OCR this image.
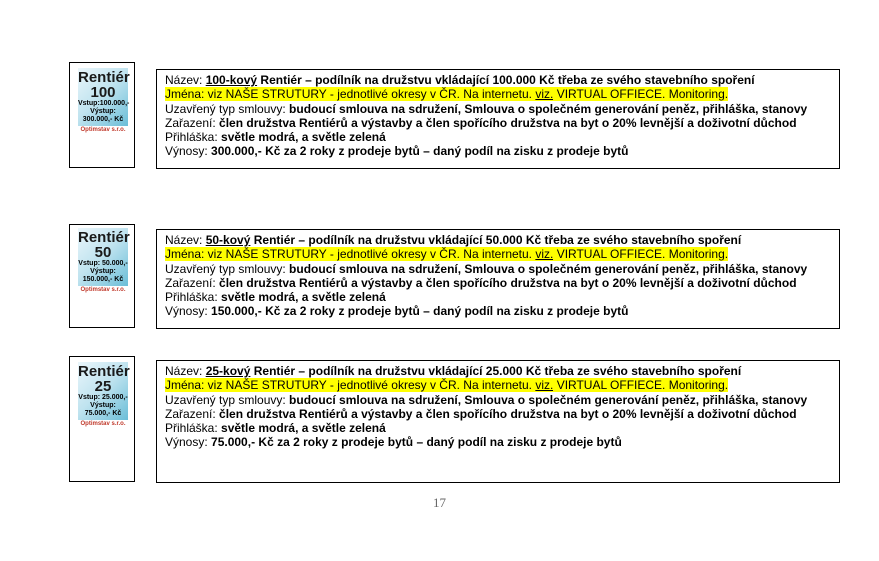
Rentiér
100
Vstup:100.000,-
Výstup:
300.000,- Kč
Optimstav s.r.o.
Název: 100-kový Rentiér – podílník na družstvu vkládající 100.000 Kč třeba ze svého stavebního spoření
Jména: viz NAŠE STRUTURY - jednotlivé okresy v ČR. Na internetu. viz. VIRTUAL OFFIECE. Monitoring.
Uzavřený typ smlouvy: budoucí smlouva na sdružení, Smlouva o společném generování peněz, přihláška, stanovy
Zařazení: člen družstva Rentiérů a výstavby a člen spořícího družstva na byt o 20% levnější a doživotní důchod
Přihláška: světle modrá, a světle zelená
Výnosy: 300.000,- Kč za 2 roky z prodeje bytů – daný podíl na zisku z prodeje bytů
Rentiér
50
Vstup: 50.000,-
Výstup:
150.000,- Kč
Optimstav s.r.o.
Název: 50-kový Rentiér – podílník na družstvu vkládající 50.000 Kč třeba ze svého stavebního spoření
Jména: viz NAŠE STRUTURY - jednotlivé okresy v ČR. Na internetu. viz. VIRTUAL OFFIECE. Monitoring.
Uzavřený typ smlouvy: budoucí smlouva na sdružení, Smlouva o společném generování peněz, přihláška, stanovy
Zařazení: člen družstva Rentiérů a výstavby a člen spořícího družstva na byt o 20% levnější a doživotní důchod
Přihláška: světle modrá, a světle zelená
Výnosy: 150.000,- Kč za 2 roky z prodeje bytů – daný podíl na zisku z prodeje bytů
Rentiér
25
Vstup: 25.000,-
Výstup:
75.000,- Kč
Optimstav s.r.o.
Název: 25-kový Rentiér – podílník na družstvu vkládající 25.000 Kč třeba ze svého stavebního spoření
Jména: viz NAŠE STRUTURY - jednotlivé okresy v ČR. Na internetu. viz. VIRTUAL OFFIECE. Monitoring.
Uzavřený typ smlouvy: budoucí smlouva na sdružení, Smlouva o společném generování peněz, přihláška, stanovy
Zařazení: člen družstva Rentiérů a výstavby a člen spořícího družstva na byt o 20% levnější a doživotní důchod
Přihláška: světle modrá, a světle zelená
Výnosy: 75.000,- Kč za 2 roky z prodeje bytů – daný podíl na zisku z prodeje bytů
17
